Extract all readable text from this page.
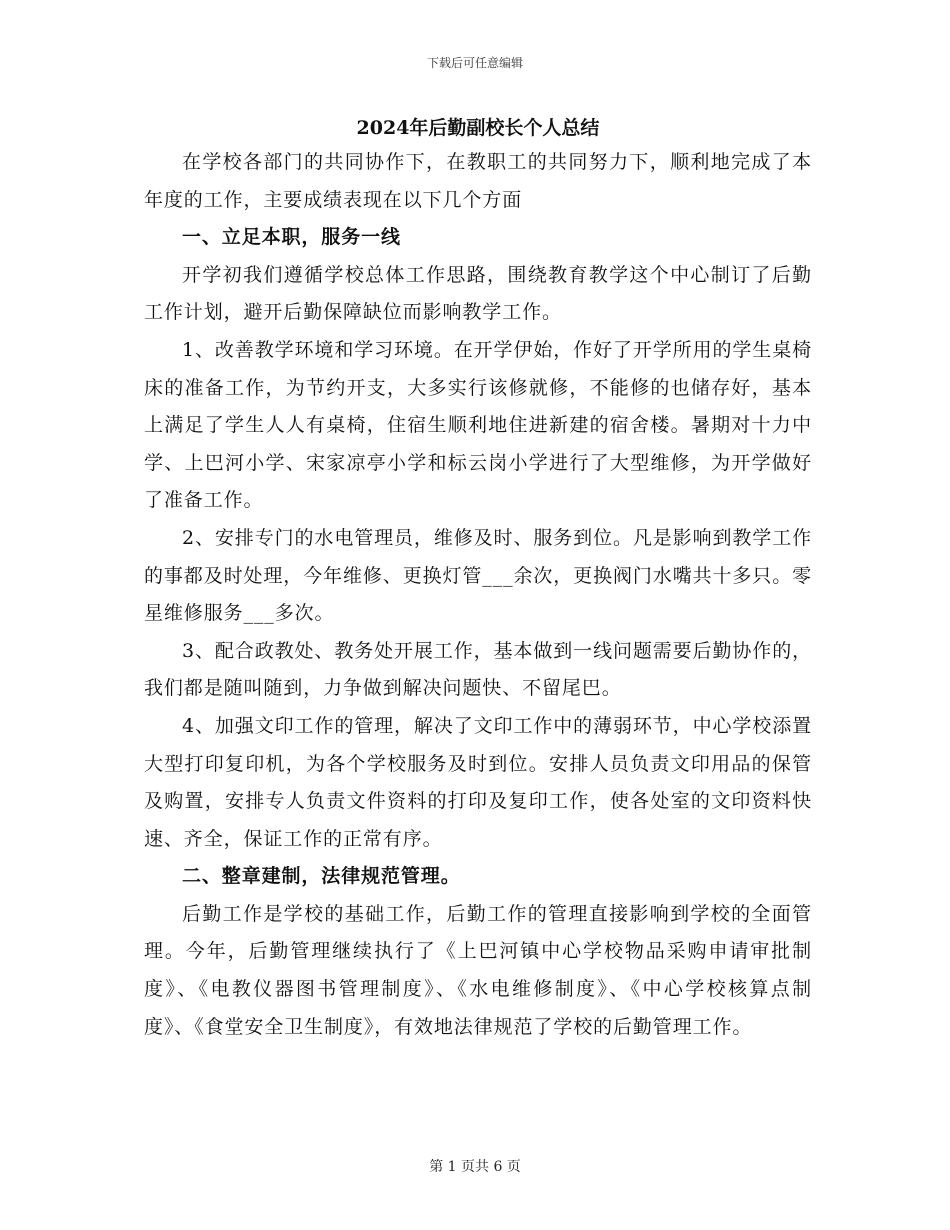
下载后可任意编辑
2024年后勤副校长个人总结

在学校各部门的共同协作下，在教职工的共同努力下，顺利地完成了本年度的工作，主要成绩表现在以下几个方面

一、立足本职，服务一线

开学初我们遵循学校总体工作思路，围绕教育教学这个中心制订了后勤工作计划，避开后勤保障缺位而影响教学工作。

1、改善教学环境和学习环境。在开学伊始，作好了开学所用的学生桌椅床的准备工作，为节约开支，大多实行该修就修，不能修的也储存好，基本上满足了学生人人有桌椅，住宿生顺利地住进新建的宿舍楼。暑期对十力中学、上巴河小学、宋家凉亭小学和标云岗小学进行了大型维修，为开学做好了准备工作。

2、安排专门的水电管理员，维修及时、服务到位。凡是影响到教学工作的事都及时处理，今年维修、更换灯管___余次，更换阀门水嘴共十多只。零星维修服务___多次。

3、配合政教处、教务处开展工作，基本做到一线问题需要后勤协作的，我们都是随叫随到，力争做到解决问题快、不留尾巴。

4、加强文印工作的管理，解决了文印工作中的薄弱环节，中心学校添置大型打印复印机，为各个学校服务及时到位。安排人员负责文印用品的保管及购置，安排专人负责文件资料的打印及复印工作，使各处室的文印资料快速、齐全，保证工作的正常有序。

二、整章建制，法律规范管理。

后勤工作是学校的基础工作，后勤工作的管理直接影响到学校的全面管理。今年，后勤管理继续执行了《上巴河镇中心学校物品采购申请审批制度》、《电教仪器图书管理制度》、《水电维修制度》、《中心学校核算点制度》、《食堂安全卫生制度》，有效地法律规范了学校的后勤管理工作。

第 1 页共 6 页
